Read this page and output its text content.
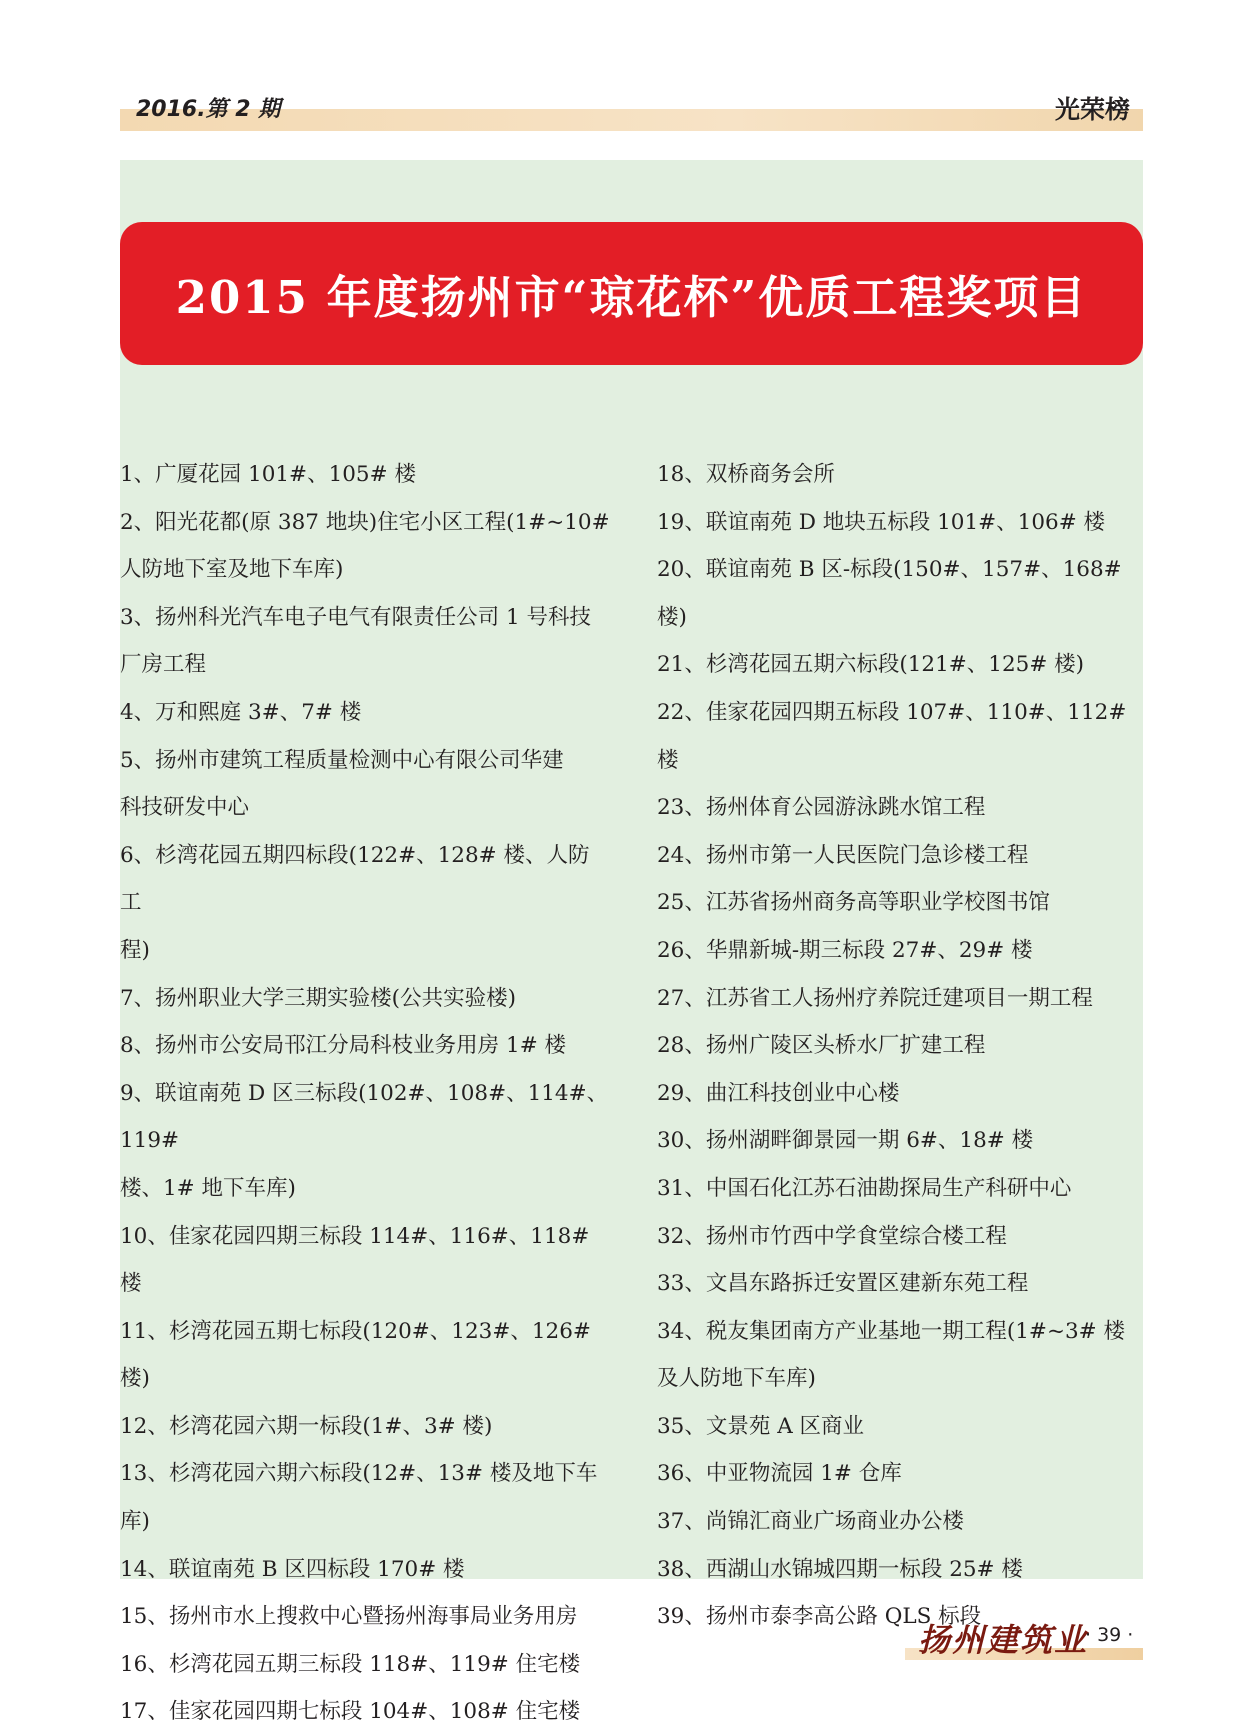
2016.第 2 期	光荣榜
2015 年度扬州市“琼花杯”优质工程奖项目
1、广厦花园 101#、105# 楼
2、阳光花都(原 387 地块)住宅小区工程(1#~10#
人防地下室及地下车库)
3、扬州科光汽车电子电气有限责任公司 1 号科技
厂房工程
4、万和熙庭 3#、7# 楼
5、扬州市建筑工程质量检测中心有限公司华建
科技研发中心
6、杉湾花园五期四标段(122#、128# 楼、人防工
程)
7、扬州职业大学三期实验楼(公共实验楼)
8、扬州市公安局邗江分局科枝业务用房 1# 楼
9、联谊南苑 D 区三标段(102#、108#、114#、119#
楼、1# 地下车库)
10、佳家花园四期三标段 114#、116#、118# 楼
11、杉湾花园五期七标段(120#、123#、126# 楼)
12、杉湾花园六期一标段(1#、3# 楼)
13、杉湾花园六期六标段(12#、13# 楼及地下车
库)
14、联谊南苑 B 区四标段 170# 楼
15、扬州市水上搜救中心暨扬州海事局业务用房
16、杉湾花园五期三标段 118#、119# 住宅楼
17、佳家花园四期七标段 104#、108# 住宅楼
18、双桥商务会所
19、联谊南苑 D 地块五标段 101#、106# 楼
20、联谊南苑 B 区-标段(150#、157#、168# 楼)
21、杉湾花园五期六标段(121#、125# 楼)
22、佳家花园四期五标段 107#、110#、112# 楼
23、扬州体育公园游泳跳水馆工程
24、扬州市第一人民医院门急诊楼工程
25、江苏省扬州商务高等职业学校图书馆
26、华鼎新城-期三标段 27#、29# 楼
27、江苏省工人扬州疗养院迁建项目一期工程
28、扬州广陵区头桥水厂扩建工程
29、曲江科技创业中心楼
30、扬州湖畔御景园一期 6#、18# 楼
31、中国石化江苏石油勘探局生产科研中心
32、扬州市竹西中学食堂综合楼工程
33、文昌东路拆迁安置区建新东苑工程
34、税友集团南方产业基地一期工程(1#~3# 楼
及人防地下车库)
35、文景苑 A 区商业
36、中亚物流园 1# 仓库
37、尚锦汇商业广场商业办公楼
38、西湖山水锦城四期一标段 25# 楼
39、扬州市泰李高公路 QLS 标段
扬州建筑业
· 39 ·
